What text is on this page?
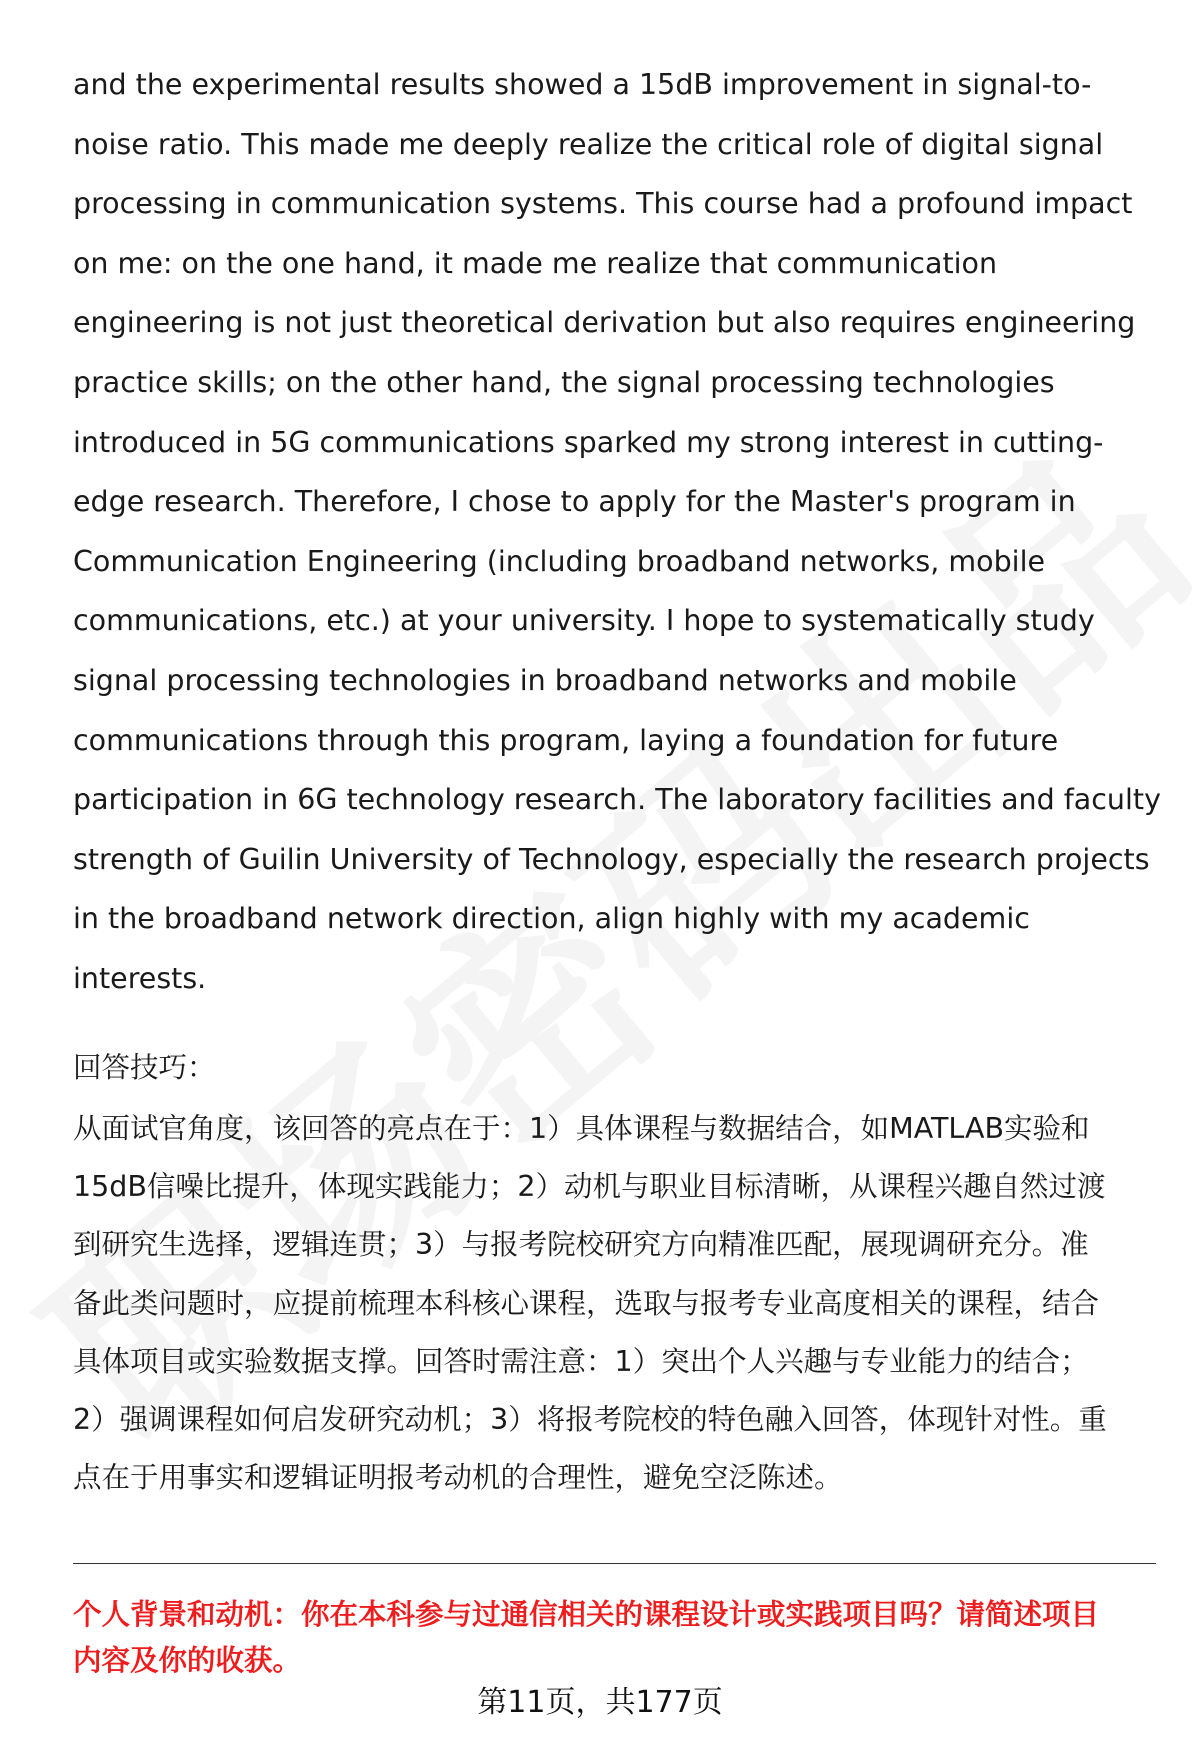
and the experimental results showed a 15dB improvement in signal-to-
noise ratio. This made me deeply realize the critical role of digital signal
processing in communication systems. This course had a profound impact
on me: on the one hand, it made me realize that communication
engineering is not just theoretical derivation but also requires engineering
practice skills; on the other hand, the signal processing technologies
introduced in 5G communications sparked my strong interest in cutting-
edge research. Therefore, I chose to apply for the Master's program in
Communication Engineering (including broadband networks, mobile
communications, etc.) at your university. I hope to systematically study
signal processing technologies in broadband networks and mobile
communications through this program, laying a foundation for future
participation in 6G technology research. The laboratory facilities and faculty
strength of Guilin University of Technology, especially the research projects
in the broadband network direction, align highly with my academic
interests.

回答技巧：

从面试官角度，该回答的亮点在于：1）具体课程与数据结合，如MATLAB实验和
15dB信噪比提升，体现实践能力；2）动机与职业目标清晰，从课程兴趣自然过渡
到研究生选择，逻辑连贯；3）与报考院校研究方向精准匹配，展现调研充分。准
备此类问题时，应提前梳理本科核心课程，选取与报考专业高度相关的课程，结合
具体项目或实验数据支撑。回答时需注意：1）突出个人兴趣与专业能力的结合；
2）强调课程如何启发研究动机；3）将报考院校的特色融入回答，体现针对性。重
点在于用事实和逻辑证明报考动机的合理性，避免空泛陈述。
个人背景和动机：你在本科参与过通信相关的课程设计或实践项目吗？请简述项目
内容及你的收获。
第11页，共177页
